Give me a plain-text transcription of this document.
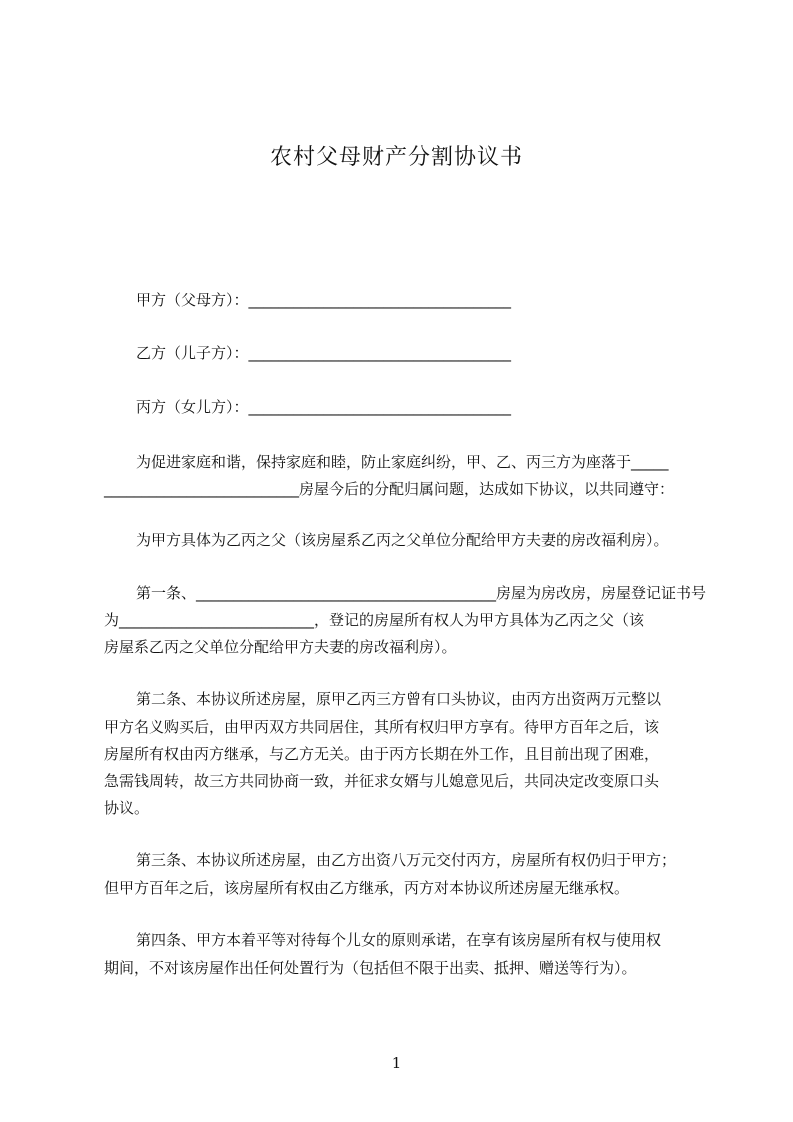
农村父母财产分割协议书

甲方（父母方）：___________________________________

乙方（儿子方）：___________________________________

丙方（女儿方）：___________________________________

为促进家庭和谐，保持家庭和睦，防止家庭纠纷，甲、乙、丙三方为座落于_____

__________________________房屋今后的分配归属问题，达成如下协议，以共同遵守：

为甲方具体为乙丙之父（该房屋系乙丙之父单位分配给甲方夫妻的房改福利房）。

第一条、________________________________________房屋为房改房，房屋登记证书号

为__________________________，登记的房屋所有权人为甲方具体为乙丙之父（该

房屋系乙丙之父单位分配给甲方夫妻的房改福利房）。

第二条、本协议所述房屋，原甲乙丙三方曾有口头协议，由丙方出资两万元整以

甲方名义购买后，由甲丙双方共同居住，其所有权归甲方享有。待甲方百年之后，该

房屋所有权由丙方继承，与乙方无关。由于丙方长期在外工作，且目前出现了困难，

急需钱周转，故三方共同协商一致，并征求女婿与儿媳意见后，共同决定改变原口头

协议。

第三条、本协议所述房屋，由乙方出资八万元交付丙方，房屋所有权仍归于甲方；

但甲方百年之后，该房屋所有权由乙方继承，丙方对本协议所述房屋无继承权。

第四条、甲方本着平等对待每个儿女的原则承诺，在享有该房屋所有权与使用权

期间，不对该房屋作出任何处置行为（包括但不限于出卖、抵押、赠送等行为）。

1
